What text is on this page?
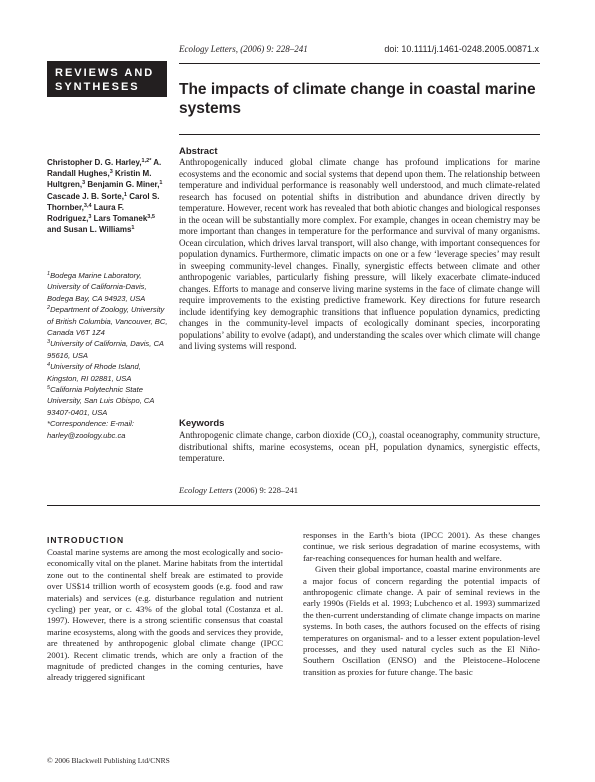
Ecology Letters, (2006) 9: 228–241	doi: 10.1111/j.1461-0248.2005.00871.x
REVIEWS AND
SYNTHESES	The impacts of climate change in coastal marine systems
Christopher D. G. Harley,$^{1,2*}$ A. Randall Hughes,$^3$ Kristin M. Hultgren,$^3$ Benjamin G. Miner,$^1$ Cascade J. B. Sorte,$^1$ Carol S. Thornber,$^{3,4}$ Laura F. Rodriguez,$^3$ Lars Tomanek$^{3,5}$ and Susan L. Williams$^1$
$^1$Bodega Marine Laboratory, University of California-Davis, Bodega Bay, CA 94923, USA
$^2$Department of Zoology, University of British Columbia, Vancouver, BC, Canada V6T 1Z4
$^3$University of California, Davis, CA 95616, USA
$^4$University of Rhode Island, Kingston, RI 02881, USA
$^5$California Polytechnic State University, San Luis Obispo, CA 93407-0401, USA
*Correspondence: E-mail: harley@zoology.ubc.ca
Abstract
Anthropogenically induced global climate change has profound implications for marine ecosystems and the economic and social systems that depend upon them. The relationship between temperature and individual performance is reasonably well understood, and much climate-related research has focused on potential shifts in distribution and abundance driven directly by temperature. However, recent work has revealed that both abiotic changes and biological responses in the ocean will be substantially more complex. For example, changes in ocean chemistry may be more important than changes in temperature for the performance and survival of many organisms. Ocean circulation, which drives larval transport, will also change, with important consequences for population dynamics. Furthermore, climatic impacts on one or a few ‘leverage species’ may result in sweeping community-level changes. Finally, synergistic effects between climate and other anthropogenic variables, particularly fishing pressure, will likely exacerbate climate-induced changes. Efforts to manage and conserve living marine systems in the face of climate change will require improvements to the existing predictive framework. Key directions for future research include identifying key demographic transitions that influence population dynamics, predicting changes in the community-level impacts of ecologically dominant species, incorporating populations’ ability to evolve (adapt), and understanding the scales over which climate will change and living systems will respond.
Keywords
Anthropogenic climate change, carbon dioxide (CO₂), coastal oceanography, community structure, distributional shifts, marine ecosystems, ocean pH, population dynamics, synergistic effects, temperature.
Ecology Letters (2006) 9: 228–241
INTRODUCTION
Coastal marine systems are among the most ecologically and socio-economically vital on the planet. Marine habitats from the intertidal zone out to the continental shelf break are estimated to provide over US$14 trillion worth of ecosystem goods (e.g. food and raw materials) and services (e.g. disturbance regulation and nutrient cycling) per year, or c. 43% of the global total (Costanza et al. 1997). However, there is a strong scientific consensus that coastal marine ecosystems, along with the goods and services they provide, are threatened by anthropogenic global climate change (IPCC 2001). Recent climatic trends, which are only a fraction of the magnitude of predicted changes in the coming centuries, have already triggered significant
responses in the Earth’s biota (IPCC 2001). As these changes continue, we risk serious degradation of marine ecosystems, with far-reaching consequences for human health and welfare.
Given their global importance, coastal marine environments are a major focus of concern regarding the potential impacts of anthropogenic climate change. A pair of seminal reviews in the early 1990s (Fields et al. 1993; Lubchenco et al. 1993) summarized the then-current understanding of climate change impacts on marine systems. In both cases, the authors focused on the effects of rising temperatures on organismal- and to a lesser extent population-level processes, and they used natural cycles such as the El Niño-Southern Oscillation (ENSO) and the Pleistocene–Holocene transition as proxies for future change. The basic
© 2006 Blackwell Publishing Ltd/CNRS
